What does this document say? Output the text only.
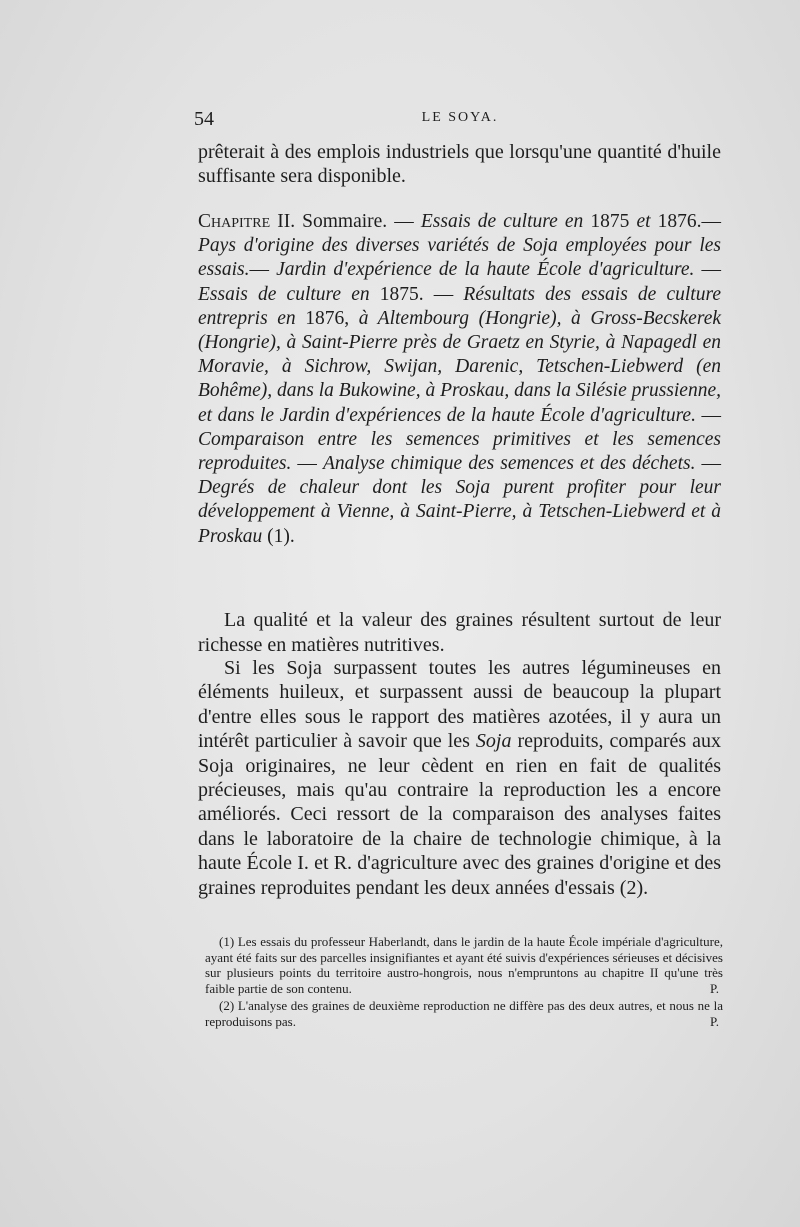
54	LE SOYA.

prêterait à des emplois industriels que lorsqu'une quantité d'huile suffisante sera disponible.

Chapitre II. Sommaire. — Essais de culture en 1875 et 1876.— Pays d'origine des diverses variétés de Soja employées pour les essais.— Jardin d'expérience de la haute École d'agriculture. — Essais de culture en 1875. — Résultats des essais de culture entrepris en 1876, à Altembourg (Hongrie), à Gross-Becskerek (Hongrie), à Saint-Pierre près de Graetz en Styrie, à Napagedl en Moravie, à Sichrow, Swijan, Darenic, Tetschen-Liebwerd (en Bohême), dans la Bukowine, à Proskau, dans la Silésie prussienne, et dans le Jardin d'expériences de la haute École d'agriculture. — Comparaison entre les semences primitives et les semences reproduites. — Analyse chimique des semences et des déchets. — Degrés de chaleur dont les Soja purent profiter pour leur développement à Vienne, à Saint-Pierre, à Tetschen-Liebwerd et à Proskau (1).

La qualité et la valeur des graines résultent surtout de leur richesse en matières nutritives.

Si les Soja surpassent toutes les autres légumineuses en éléments huileux, et surpassent aussi de beaucoup la plupart d'entre elles sous le rapport des matières azotées, il y aura un intérêt particulier à savoir que les Soja reproduits, comparés aux Soja originaires, ne leur cèdent en rien en fait de qualités précieuses, mais qu'au contraire la reproduction les a encore améliorés. Ceci ressort de la comparaison des analyses faites dans le laboratoire de la chaire de technologie chimique, à la haute École I. et R. d'agriculture avec des graines d'origine et des graines reproduites pendant les deux années d'essais (2).

(1) Les essais du professeur Haberlandt, dans le jardin de la haute École impériale d'agriculture, ayant été faits sur des parcelles insignifiantes et ayant été suivis d'expériences sérieuses et décisives sur plusieurs points du territoire austro-hongrois, nous n'empruntons au chapitre II qu'une très faible partie de son contenu.	P.

(2) L'analyse des graines de deuxième reproduction ne diffère pas des deux autres, et nous ne la reproduisons pas.	P.
